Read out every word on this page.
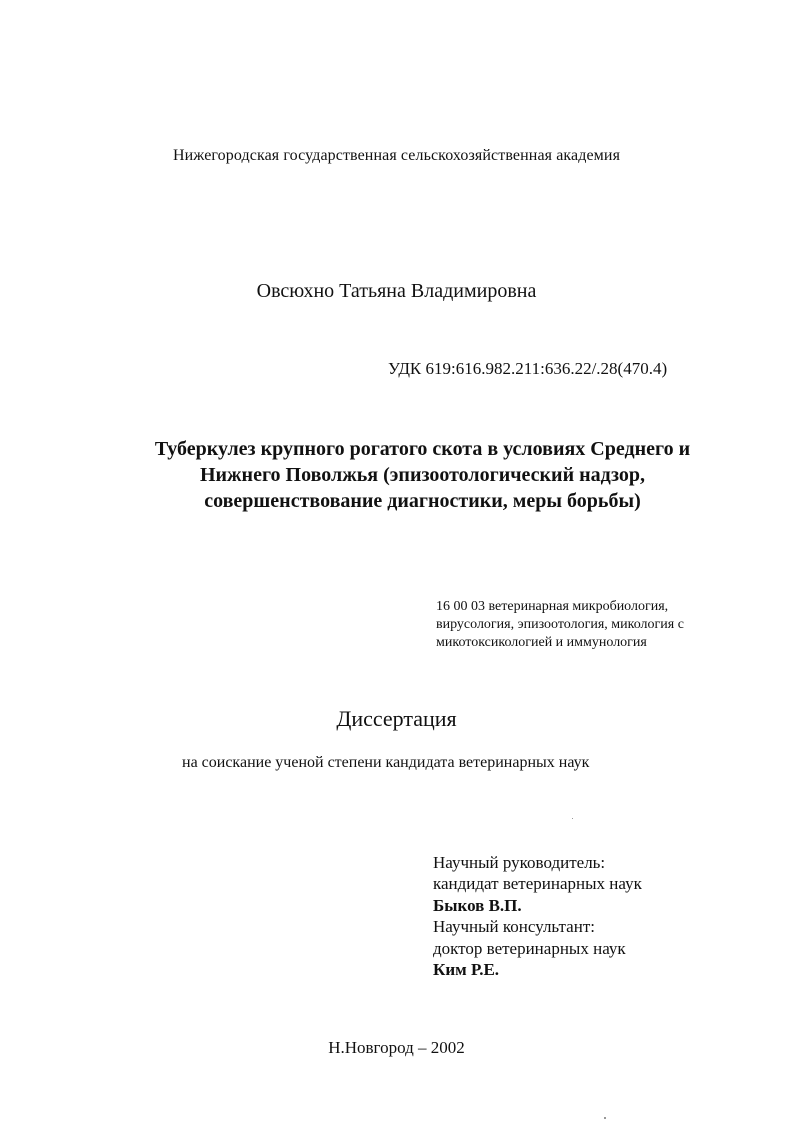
Нижегородская государственная сельскохозяйственная академия

Овсюхно Татьяна Владимировна

УДК 619:616.982.211:636.22/.28(470.4)

Туберкулез крупного рогатого скота в условиях Среднего и
Нижнего Поволжья (эпизоотологический надзор,
совершенствование диагностики, меры борьбы)
16 00 03 ветеринарная микробиология,
вирусология, эпизоотология, микология с
микотоксикологией и иммунология

Диссертация

на соискание ученой степени кандидата ветеринарных наук

Научный руководитель:
кандидат ветеринарных наук
Быков В.П.
Научный консультант:
доктор ветеринарных наук
Ким Р.Е.

Н.Новгород – 2002
